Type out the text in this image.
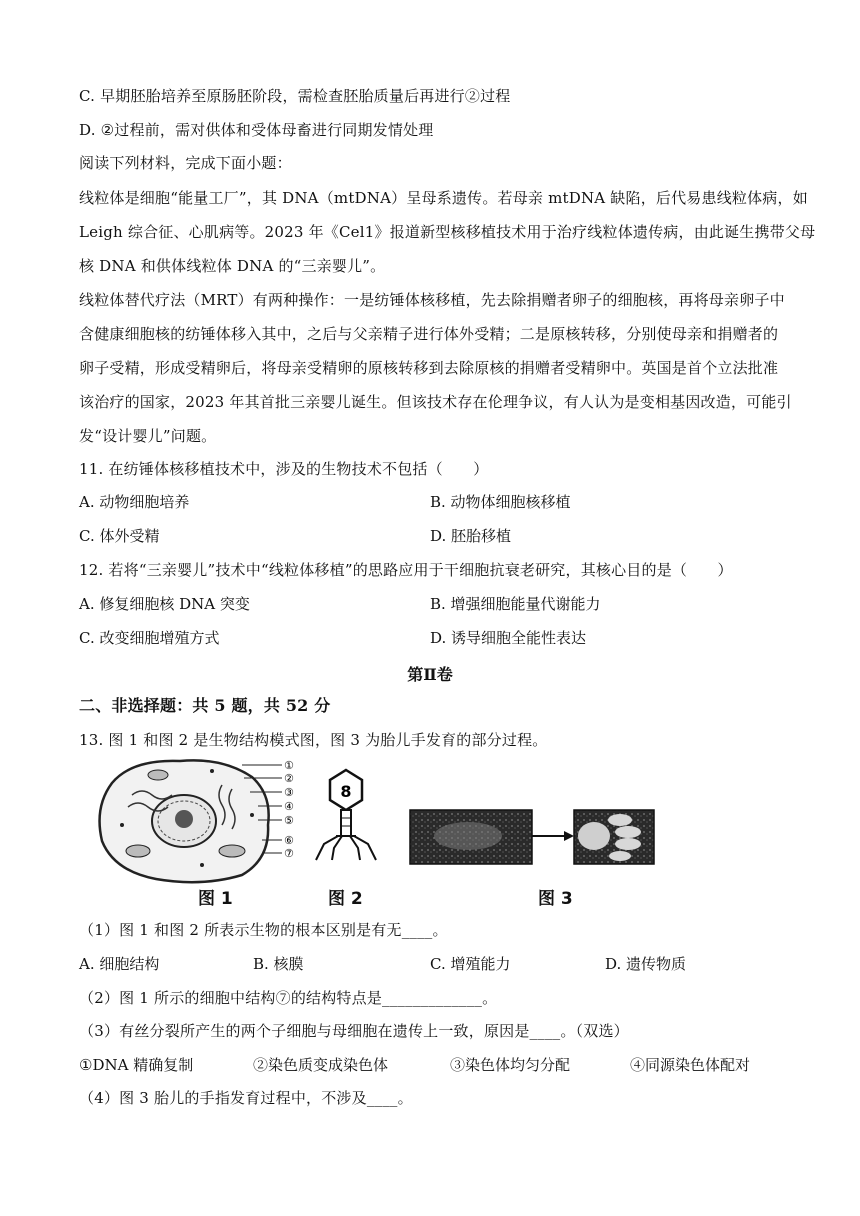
C. 早期胚胎培养至原肠胚阶段，需检查胚胎质量后再进行②过程
D. ②过程前，需对供体和受体母畜进行同期发情处理
阅读下列材料，完成下面小题：
线粒体是细胞“能量工厂”，其 DNA（mtDNA）呈母系遗传。若母亲 mtDNA 缺陷，后代易患线粒体病，如
Leigh 综合征、心肌病等。2023 年《Cel1》报道新型核移植技术用于治疗线粒体遗传病，由此诞生携带父母
核 DNA 和供体线粒体 DNA 的“三亲婴儿”。
线粒体替代疗法（MRT）有两种操作：一是纺锤体核移植，先去除捐赠者卵子的细胞核，再将母亲卵子中
含健康细胞核的纺锤体移入其中，之后与父亲精子进行体外受精；二是原核转移，分别使母亲和捐赠者的
卵子受精，形成受精卵后，将母亲受精卵的原核转移到去除原核的捐赠者受精卵中。英国是首个立法批准
该治疗的国家，2023 年其首批三亲婴儿诞生。但该技术存在伦理争议，有人认为是变相基因改造，可能引
发“设计婴儿”问题。
11. 在纺锤体核移植技术中，涉及的生物技术不包括（　　）
A. 动物细胞培养	B. 动物体细胞核移植
C. 体外受精	D. 胚胎移植
12. 若将“三亲婴儿”技术中“线粒体移植”的思路应用于干细胞抗衰老研究，其核心目的是（　　）
A. 修复细胞核 DNA 突变	B. 增强细胞能量代谢能力
C. 改变细胞增殖方式	D. 诱导细胞全能性表达
第Ⅱ卷
二、非选择题：共 5 题，共 52 分
13. 图 1 和图 2 是生物结构模式图，图 3 为胎儿手发育的部分过程。
①
②
③
④
⑤
⑥
⑦
8
图 1	图 2	图 3
（1）图 1 和图 2 所表示生物的根本区别是有无____。
A. 细胞结构	B. 核膜	C. 增殖能力	D. 遗传物质
（2）图 1 所示的细胞中结构⑦的结构特点是_____________。
（3）有丝分裂所产生的两个子细胞与母细胞在遗传上一致，原因是____。（双选）
①DNA 精确复制	②染色质变成染色体	③染色体均匀分配	④同源染色体配对
（4）图 3 胎儿的手指发育过程中，不涉及____。
